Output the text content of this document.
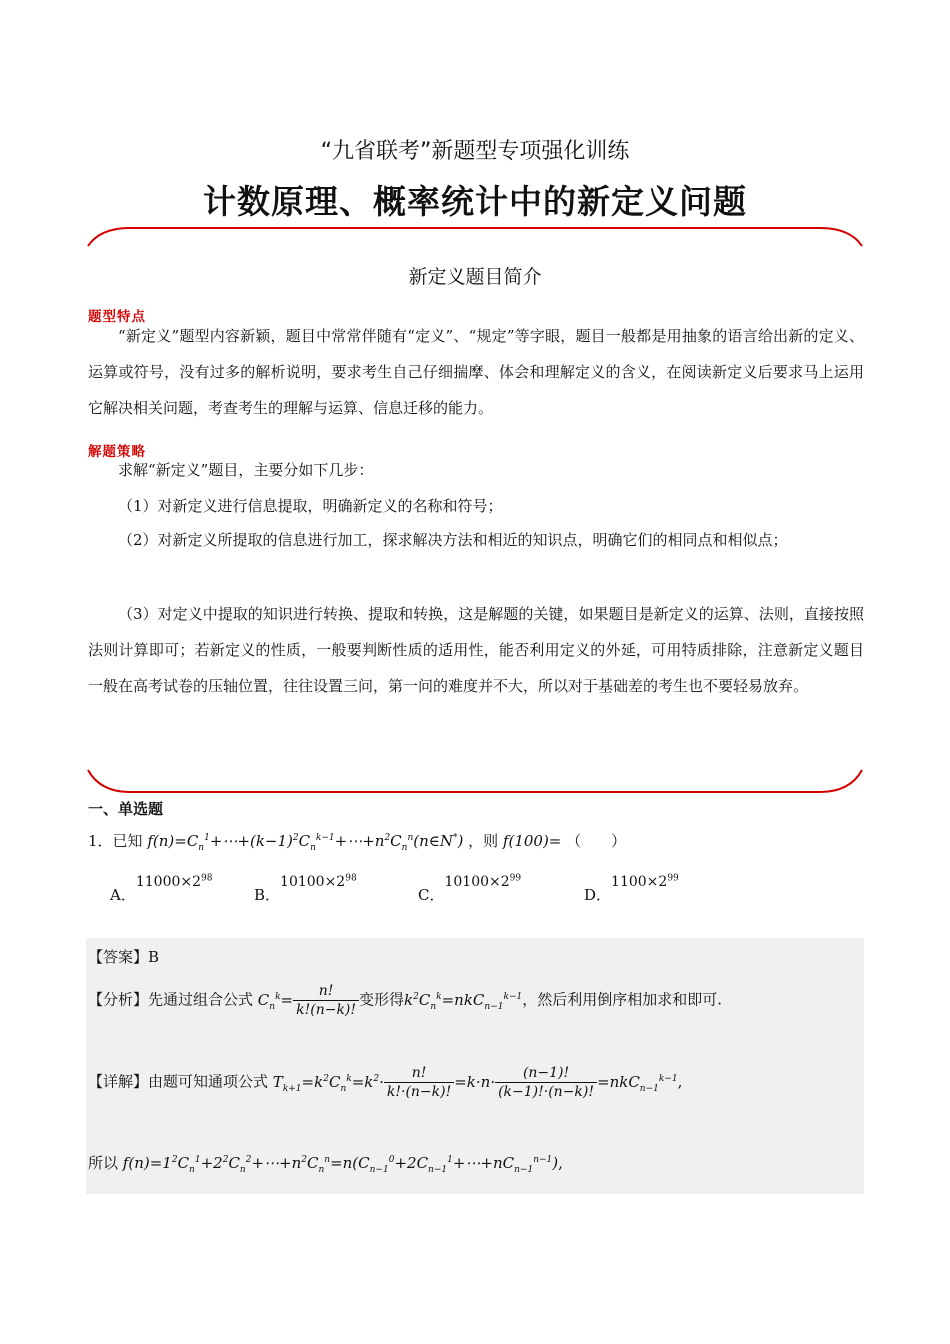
“九省联考”新题型专项强化训练
计数原理、概率统计中的新定义问题
新定义题目简介
题型特点
“新定义”题型内容新颖，题目中常常伴随有“定义”、“规定”等字眼，题目一般都是用抽象的语言给出新的定义、运算或符号，没有过多的解析说明，要求考生自己仔细揣摩、体会和理解定义的含义，在阅读新定义后要求马上运用它解决相关问题，考查考生的理解与运算、信息迁移的能力。
解题策略
求解“新定义”题目，主要分如下几步：
（1）对新定义进行信息提取，明确新定义的名称和符号；
（2）对新定义所提取的信息进行加工，探求解决方法和相近的知识点，明确它们的相同点和相似点；
（3）对定义中提取的知识进行转换、提取和转换，这是解题的关键，如果题目是新定义的运算、法则，直接按照法则计算即可；若新定义的性质，一般要判断性质的适用性，能否利用定义的外延，可用特质排除，注意新定义题目一般在高考试卷的压轴位置，往往设置三问，第一问的难度并不大，所以对于基础差的考生也不要轻易放弃。
一、单选题
1．已知 $f(n)=C_n^1+\cdots+(k-1)^2C_n^{k-1}+\cdots+n^2C_n^n(n\in N^*)$ ，则 f(100)= （　　）
A．$11000\times 2^{98}$
B．$10100\times 2^{98}$
C．$10100\times 2^{99}$
D．$1100\times 2^{99}$
【答案】B
【分析】先通过组合公式 $C_n^k= \frac{n!}{k!(n-k)!}$ 变形得$k^2C_n^k=nkC_{n-1}^{k-1}$，然后利用倒序相加求和即可.
【详解】由题可知通项公式 $T_{k+1}=k^2C_n^k=k^2\cdot \frac{n!}{k!\cdot(n-k)!} =k\cdot n\cdot \frac{(n-1)!}{(k-1)!\cdot(n-k)!} =nkC_{n-1}^{k-1}$,
所以 $f(n)=1^2C_n^1+2^2C_n^2+\cdots+n^2C_n^n=n(C_{n-1}^0+2C_{n-1}^1+\cdots+nC_{n-1}^{n-1})$,
